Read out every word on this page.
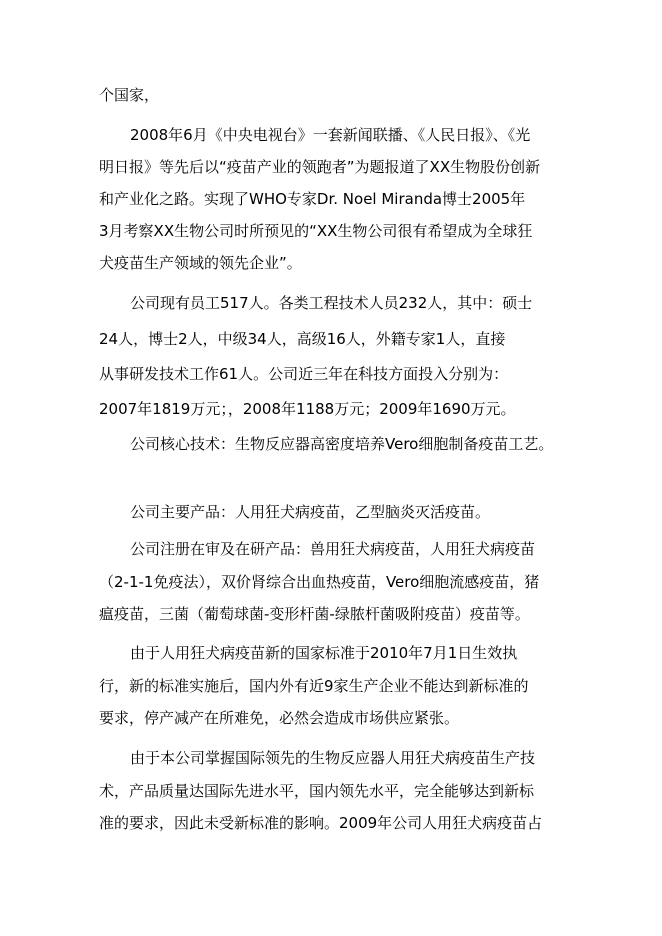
个国家，
2008年6月《中央电视台》一套新闻联播、《人民日报》、《光
明日报》等先后以“疫苗产业的领跑者”为题报道了XX生物股份创新
和产业化之路。实现了WHO专家Dr. Noel Miranda博士2005年
3月考察XX生物公司时所预见的“XX生物公司很有希望成为全球狂
犬疫苗生产领域的领先企业”。
公司现有员工517人。各类工程技术人员232人，其中：硕士
24人，博士2人，中级34人，高级16人，外籍专家1人，直接
从事研发技术工作61人。公司近三年在科技方面投入分别为：
2007年1819万元；，2008年1188万元；2009年1690万元。
公司核心技术：生物反应器高密度培养Vero细胞制备疫苗工艺。
公司主要产品：人用狂犬病疫苗，乙型脑炎灭活疫苗。
公司注册在审及在研产品：兽用狂犬病疫苗，人用狂犬病疫苗
（2-1-1免疫法），双价肾综合出血热疫苗，Vero细胞流感疫苗，猪
瘟疫苗，三菌（葡萄球菌-变形杆菌-绿脓杆菌吸附疫苗）疫苗等。
由于人用狂犬病疫苗新的国家标准于2010年7月1日生效执
行，新的标准实施后，国内外有近9家生产企业不能达到新标准的
要求，停产减产在所难免，必然会造成市场供应紧张。
由于本公司掌握国际领先的生物反应器人用狂犬病疫苗生产技
术，产品质量达国际先进水平，国内领先水平，完全能够达到新标
准的要求，因此未受新标准的影响。2009年公司人用狂犬病疫苗占
